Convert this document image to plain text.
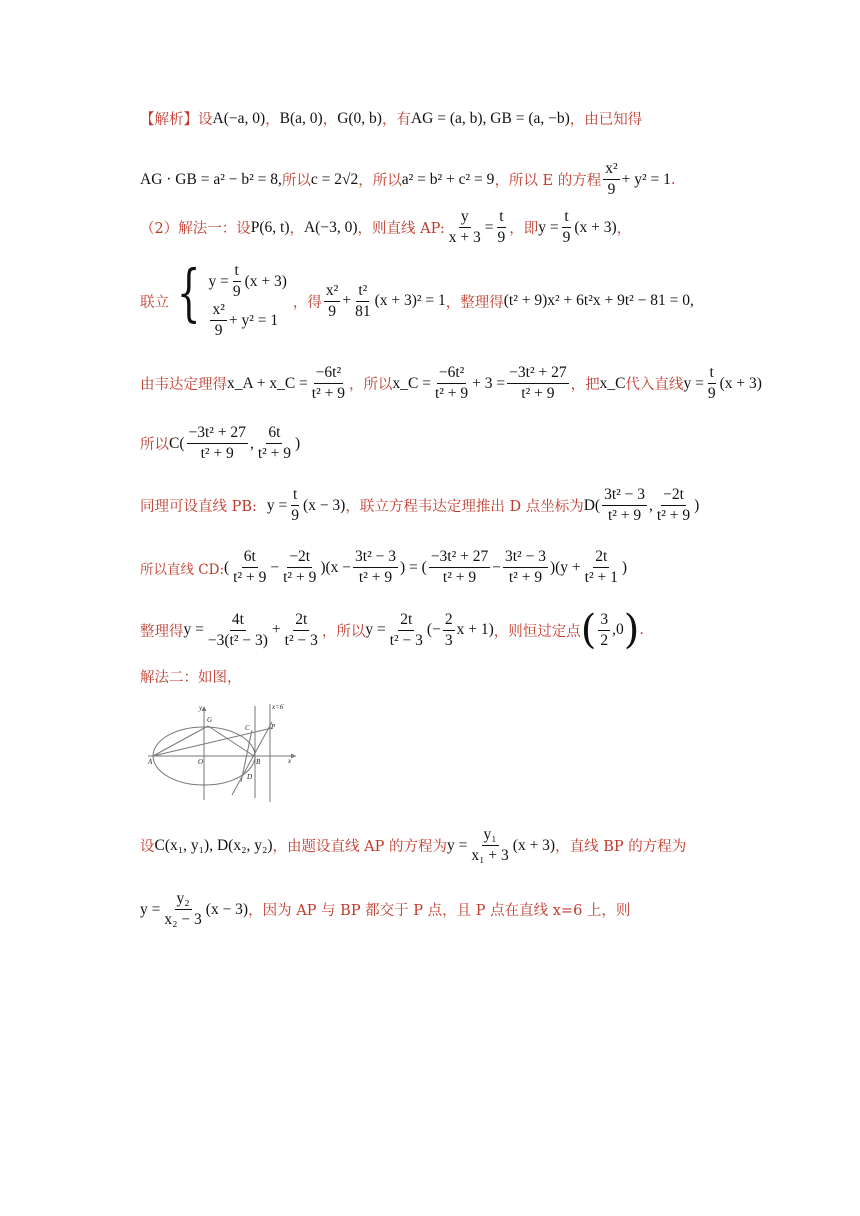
【解析】 设 A(−a, 0) ， B(a, 0) ， G(0, b) ，有 AG = (a, b), GB = (a, −b) ，由已知得
AG · GB = a² − b² = 8, 所以 c = 2√2 ，所以 a² = b² + c² = 9 ，所以 E 的方程
x²
9
+ y² = 1 .
（2）解法一：设 P(6, t) ， A(−3, 0) ，则直线 AP: $\frac{y}{x + 3} = \frac{t}{9}$ ，即 $y = \frac{t}{9} (x + 3)$ ，
联立 { $y = \frac{t}{9} (x + 3)$
x²
9
+ y² = 1
，得
x²
9
+ $\frac{\text{t²}}{81} (x + 3)^2 = 1$ ，整理得 (t² + 9)x² + 6t²x + 9t² − 81 = 0,
由韦达定理得 x_A + x_C = $\frac{\text{−6t²}}{\text{t² + 9}}$ ，所以 x_C = $\frac{\text{−6t²}}{\text{t² + 9}} + 3 = \frac{\text{−3t² + 27}}{\text{t² + 9}}$ ，把 x_C 代入直线 $y = \frac{t}{9} (x + 3)$
所以 C(
−3t² + 27
t² + 9
,
6t
t² + 9
)
同理可设直线 PB: $y = \frac{t}{9} (x - 3)$ ，联立方程韦达定理推出 D 点坐标为 D(
3t² − 3
t² + 9
,
−2t
t² + 9
)
所以直线 CD: (
6t
t² + 9
− $\frac{-2t}{\text{t² + 9}} )(x - \frac{\text{3t² − 3}}{\text{t² + 9}}$ ) = (
−3t² + 27
t² + 9
− $\frac{\text{3t² − 3}}{\text{t² + 9}} )(y + \frac{2t}{\text{t² + 1}}$ )
整理得 $y = \frac{4t}{\text{−3(t² − 3)}} + \frac{2t}{\text{t² − 3}}$ ，所以 $y = \frac{2t}{\text{t² − 3}}$ (− $\frac{2}{3}$ x + 1) ，则恒过定点 ( 3
2
,0 ) .
解法二：如图，
x=6
y
x
A	O	B
G
C	P
D
设 C(x₁, y₁), D(x₂, y₂) ，由题设直线 AP 的方程为 $y = \frac{\text{y₁}}{\text{x₁ + 3}} (x + 3)$ ，直线 BP 的方程为
$y = \frac{\text{y₂}}{\text{x₂ − 3}} (x - 3)$ ，因为 AP 与 BP 都交于 P 点，且 P 点在直线 x=6 上，则
